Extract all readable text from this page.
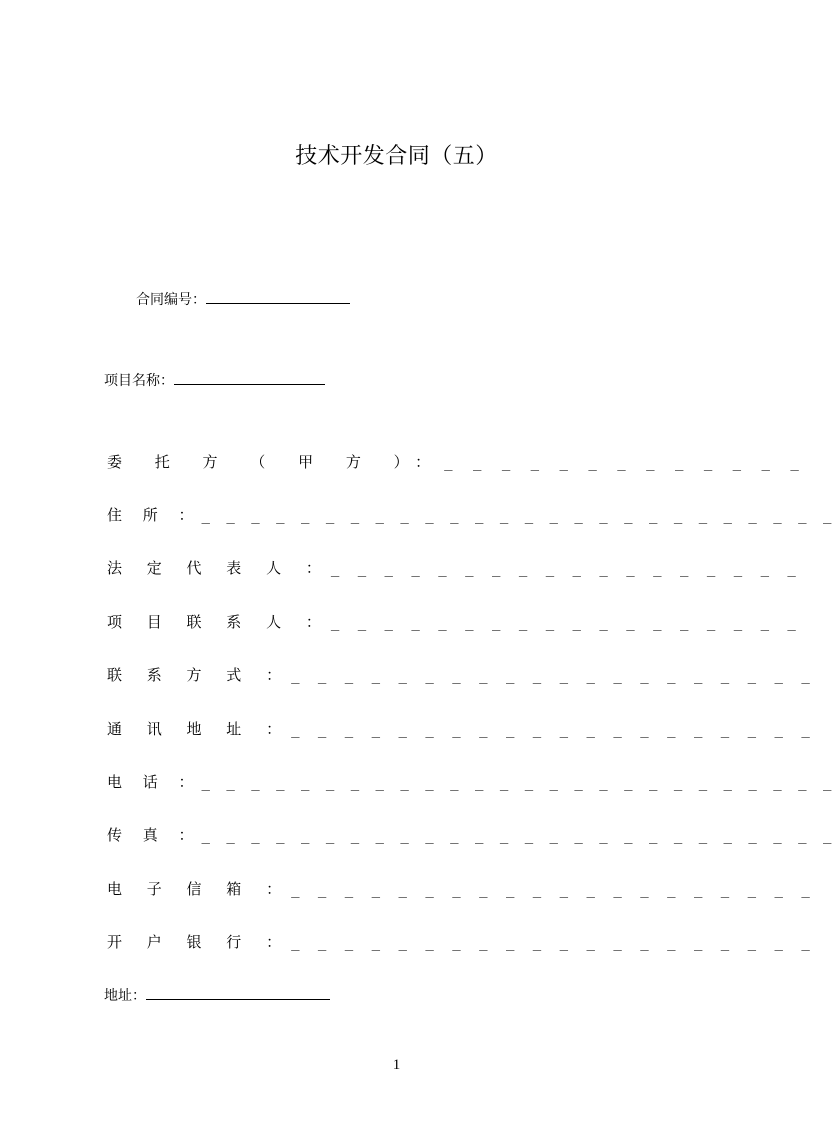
技术开发合同（五）
合同编号：
项目名称：
委 托 方 （ 甲 方 ）： _ _ _ _ _ _ _ _ _ _ _ _ _
住 所 ： _ _ _ _ _ _ _ _ _ _ _ _ _ _ _ _ _ _ _ _ _ _ _ _ _ _
法 定 代 表 人 ： _ _ _ _ _ _ _ _ _ _ _ _ _ _ _ _ _ _
项 目 联 系 人 ： _ _ _ _ _ _ _ _ _ _ _ _ _ _ _ _ _ _
联 系 方 式 ： _ _ _ _ _ _ _ _ _ _ _ _ _ _ _ _ _ _ _ _
通 讯 地 址 ： _ _ _ _ _ _ _ _ _ _ _ _ _ _ _ _ _ _ _ _
电 话 ： _ _ _ _ _ _ _ _ _ _ _ _ _ _ _ _ _ _ _ _ _ _ _ _ _ _
传 真 ： _ _ _ _ _ _ _ _ _ _ _ _ _ _ _ _ _ _ _ _ _ _ _ _ _ _
电 子 信 箱 ： _ _ _ _ _ _ _ _ _ _ _ _ _ _ _ _ _ _ _ _
开 户 银 行 ： _ _ _ _ _ _ _ _ _ _ _ _ _ _ _ _ _ _ _ _
地址：
1
